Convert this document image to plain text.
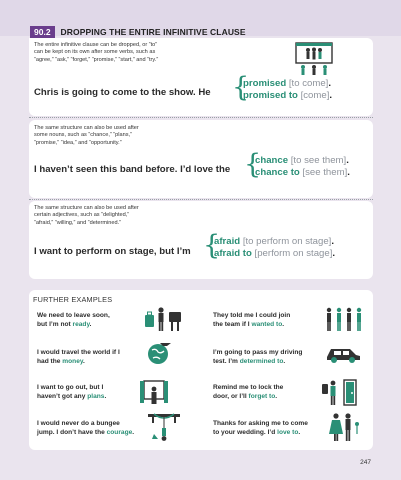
90.2	DROPPING THE ENTIRE INFINITIVE CLAUSE
The entire infinitive clause can be dropped, or “to”
can be kept on its own after some verbs, such as
“agree,” “ask,” “forget,” “promise,” “start,” and “try.”
Chris is going to come to the show. He {
promised [to come].
promised to [come].
The same structure can also be used after
some nouns, such as “chance,” “plans,”
“promise,” “idea,” and “opportunity.”
I haven’t seen this band before. I’d love the {
chance [to see them].
chance to [see them].
The same structure can also be used after
certain adjectives, such as “delighted,”
“afraid,” “willing,” and “determined.”
I want to perform on stage, but I’m {
afraid [to perform on stage].
afraid to [perform on stage].
FURTHER EXAMPLES
We need to leave soon,
but I’m not ready.
I would travel the world if I
had the money.
I want to go out, but I
haven’t got any plans.
I would never do a bungee
jump. I don’t have the courage.
They told me I could join
the team if I wanted to.
I’m going to pass my driving
test. I’m determined to.
Remind me to lock the
door, or I’ll forget to.
Thanks for asking me to come
to your wedding. I’d love to.
247
